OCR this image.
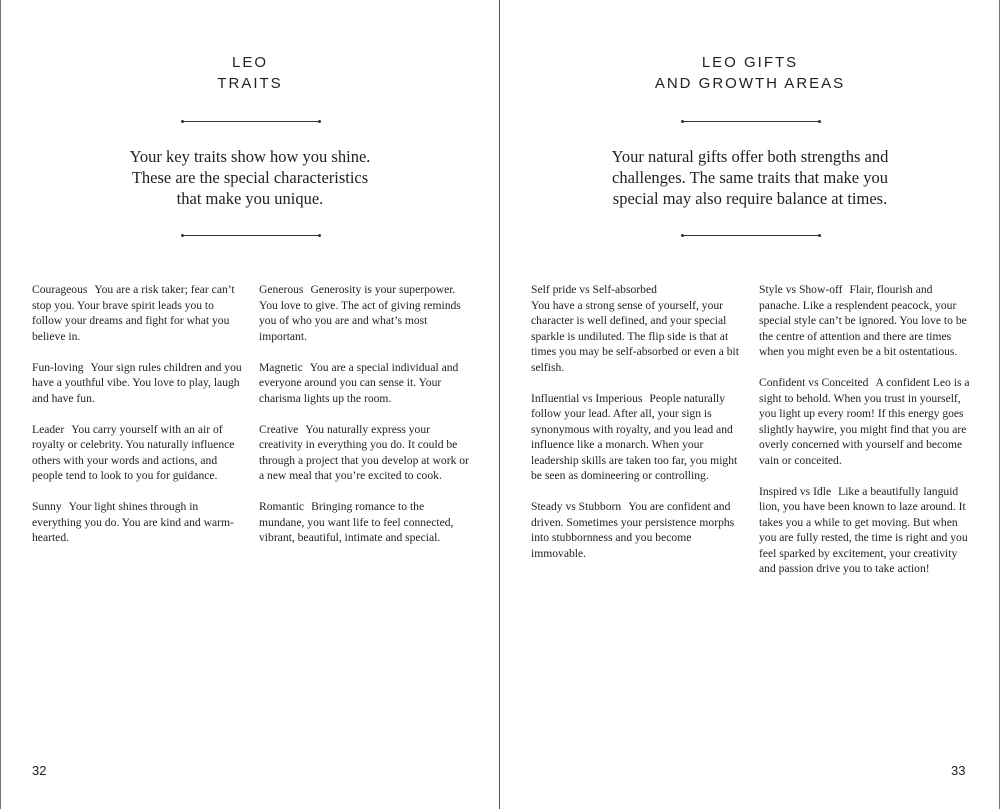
LEO
TRAITS
Your key traits show how you shine.
These are the special characteristics
that make you unique.

Courageous You are a risk taker; fear can’t stop you. Your brave spirit leads you to follow your dreams and fight for what you believe in.

Fun-loving Your sign rules children and you have a youthful vibe. You love to play, laugh and have fun.

Leader You carry yourself with an air of royalty or celebrity. You naturally influence others with your words and actions, and people tend to look to you for guidance.

Sunny Your light shines through in everything you do. You are kind and warm-hearted.

Generous Generosity is your superpower. You love to give. The act of giving reminds you of who you are and what’s most important.

Magnetic You are a special individual and everyone around you can sense it. Your charisma lights up the room.

Creative You naturally express your creativity in everything you do. It could be through a project that you develop at work or a new meal that you’re excited to cook.

Romantic Bringing romance to the mundane, you want life to feel connected, vibrant, beautiful, intimate and special.

32
LEO GIFTS
AND GROWTH AREAS
Your natural gifts offer both strengths and
challenges. The same traits that make you
special may also require balance at times.

Self pride vs Self-absorbed
You have a strong sense of yourself, your character is well defined, and your special sparkle is undiluted. The flip side is that at times you may be self-absorbed or even a bit selfish.

Influential vs Imperious People naturally follow your lead. After all, your sign is synonymous with royalty, and you lead and influence like a monarch. When your leadership skills are taken too far, you might be seen as domineering or controlling.

Steady vs Stubborn You are confident and driven. Sometimes your persistence morphs into stubbornness and you become immovable.

Style vs Show-off Flair, flourish and panache. Like a resplendent peacock, your special style can’t be ignored. You love to be the centre of attention and there are times when you might even be a bit ostentatious.

Confident vs Conceited A confident Leo is a sight to behold. When you trust in yourself, you light up every room! If this energy goes slightly haywire, you might find that you are overly concerned with yourself and become vain or conceited.

Inspired vs Idle Like a beautifully languid lion, you have been known to laze around. It takes you a while to get moving. But when you are fully rested, the time is right and you feel sparked by excitement, your creativity and passion drive you to take action!

33
